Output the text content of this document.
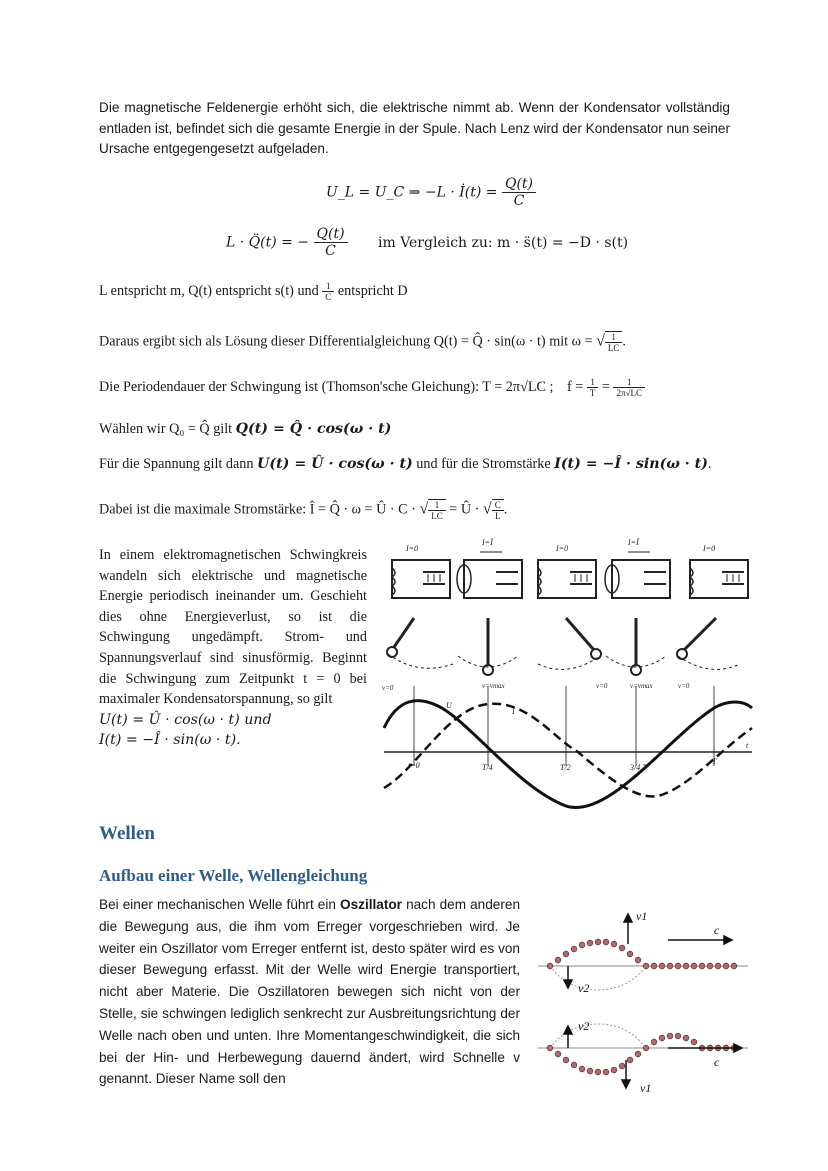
Die magnetische Feldenergie erhöht sich, die elektrische nimmt ab. Wenn der Kondensator vollständig entladen ist, befindet sich die gesamte Energie in der Spule. Nach Lenz wird der Kondensator nun seiner Ursache entgegengesetzt aufgeladen.
U_L = U_C ⇒ −L · İ(t) = $\frac{Q(t)}{C}$
L · Q̈(t) = − $\frac{Q(t)}{C}$ im Vergleich zu: m · s̈(t) = −D · s(t)
L entspricht m, Q(t) entspricht s(t) und $\frac{1}{C}$ entspricht D
Daraus ergibt sich als Lösung dieser Differentialgleichung Q(t) = Q̂ · sin(ω · t) mit ω = √ $\frac{1}{LC}$ .
Die Periodendauer der Schwingung ist (Thomson'sche Gleichung): T = 2π√LC ; $f = \frac{1}{T} = \frac{1}{2\pi√LC}$
Wählen wir Q₀ = Q̂ gilt Q(t) = Q̂ · cos(ω · t)
Für die Spannung gilt dann U(t) = Û · cos(ω · t) und für die Stromstärke I(t) = −Î · sin(ω · t).
Dabei ist die maximale Stromstärke: Î = Q̂ · ω = Û · C · √ $\frac{1}{LC}$ = Û · √ $\frac{C}{L}$ .
In einem elektromagnetischen Schwingkreis wandeln sich elektrische und magnetische Energie periodisch ineinander um. Geschieht dies ohne Energieverlust, so ist die Schwingung ungedämpft. Strom- und Spannungsverlauf sind sinusförmig. Beginnt die Schwingung zum Zeitpunkt t = 0 bei maximaler Kondensatorspannung, so gilt
U(t) = Û · cos(ω · t) und
I(t) = −Î · sin(ω · t).
I=0
I=Î
I=0
I=Î
I=0
v=0	v=vmax	v=0	v=vmax	v=0
U
I
t=0	T/4	T/2	3/4 T
T
t
Wellen
Aufbau einer Welle, Wellengleichung
Bei einer mechanischen Welle führt ein Oszillator nach dem anderen die Bewegung aus, die ihm vom Erreger vorgeschrieben wird. Je weiter ein Oszillator vom Erreger entfernt ist, desto später wird es von dieser Bewegung erfasst. Mit der Welle wird Energie transportiert, nicht aber Materie. Die Oszillatoren bewegen sich nicht von der Stelle, sie schwingen lediglich senkrecht zur Ausbreitungsrichtung der Welle nach oben und unten. Ihre Momentangeschwindigkeit, die sich bei der Hin- und Herbewegung dauernd ändert, wird Schnelle v genannt. Dieser Name soll den
v1
c
v2
v2
c
v1
